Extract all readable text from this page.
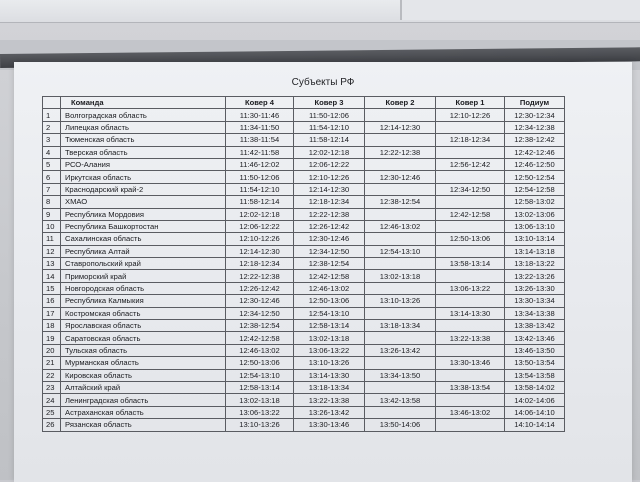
Субъекты РФ
	Команда	Ковер 4	Ковер 3	Ковер 2	Ковер 1	Подиум
1	Волгоградская область	11:30-11:46	11:50-12:06		12:10-12:26	12:30-12:34
2	Липецкая область	11:34-11:50	11:54-12:10	12:14-12:30		12:34-12:38
3	Тюменская область	11:38-11:54	11:58-12:14		12:18-12:34	12:38-12:42
4	Тверская область	11:42-11:58	12:02-12:18	12:22-12:38		12:42-12:46
5	РСО-Алания	11:46-12:02	12:06-12:22		12:56-12:42	12:46-12:50
6	Иркутская область	11:50-12:06	12:10-12:26	12:30-12:46		12:50-12:54
7	Краснодарский край-2	11:54-12:10	12:14-12:30		12:34-12:50	12:54-12:58
8	ХМАО	11:58-12:14	12:18-12:34	12:38-12:54		12:58-13:02
9	Республика Мордовия	12:02-12:18	12:22-12:38		12:42-12:58	13:02-13:06
10	Республика Башкортостан	12:06-12:22	12:26-12:42	12:46-13:02		13:06-13:10
11	Сахалинская область	12:10-12:26	12:30-12:46		12:50-13:06	13:10-13:14
12	Республика Алтай	12:14-12:30	12:34-12:50	12:54-13:10		13:14-13:18
13	Ставропольский край	12:18-12:34	12:38-12:54		13:58-13:14	13:18-13:22
14	Приморский край	12:22-12:38	12:42-12:58	13:02-13:18		13:22-13:26
15	Новгородская область	12:26-12:42	12:46-13:02		13:06-13:22	13:26-13:30
16	Республика Калмыкия	12:30-12:46	12:50-13:06	13:10-13:26		13:30-13:34
17	Костромская область	12:34-12:50	12:54-13:10		13:14-13:30	13:34-13:38
18	Ярославская область	12:38-12:54	12:58-13:14	13:18-13:34		13:38-13:42
19	Саратовская область	12:42-12:58	13:02-13:18		13:22-13:38	13:42-13:46
20	Тульская область	12:46-13:02	13:06-13:22	13:26-13:42		13:46-13:50
21	Мурманская область	12:50-13:06	13:10-13:26		13:30-13:46	13:50-13:54
22	Кировская область	12:54-13:10	13:14-13:30	13:34-13:50		13:54-13:58
23	Алтайский край	12:58-13:14	13:18-13:34		13:38-13:54	13:58-14:02
24	Ленинградская область	13:02-13:18	13:22-13:38	13:42-13:58		14:02-14:06
25	Астраханская область	13:06-13:22	13:26-13:42		13:46-13:02	14:06-14:10
26	Рязанская область	13:10-13:26	13:30-13:46	13:50-14:06		14:10-14:14
